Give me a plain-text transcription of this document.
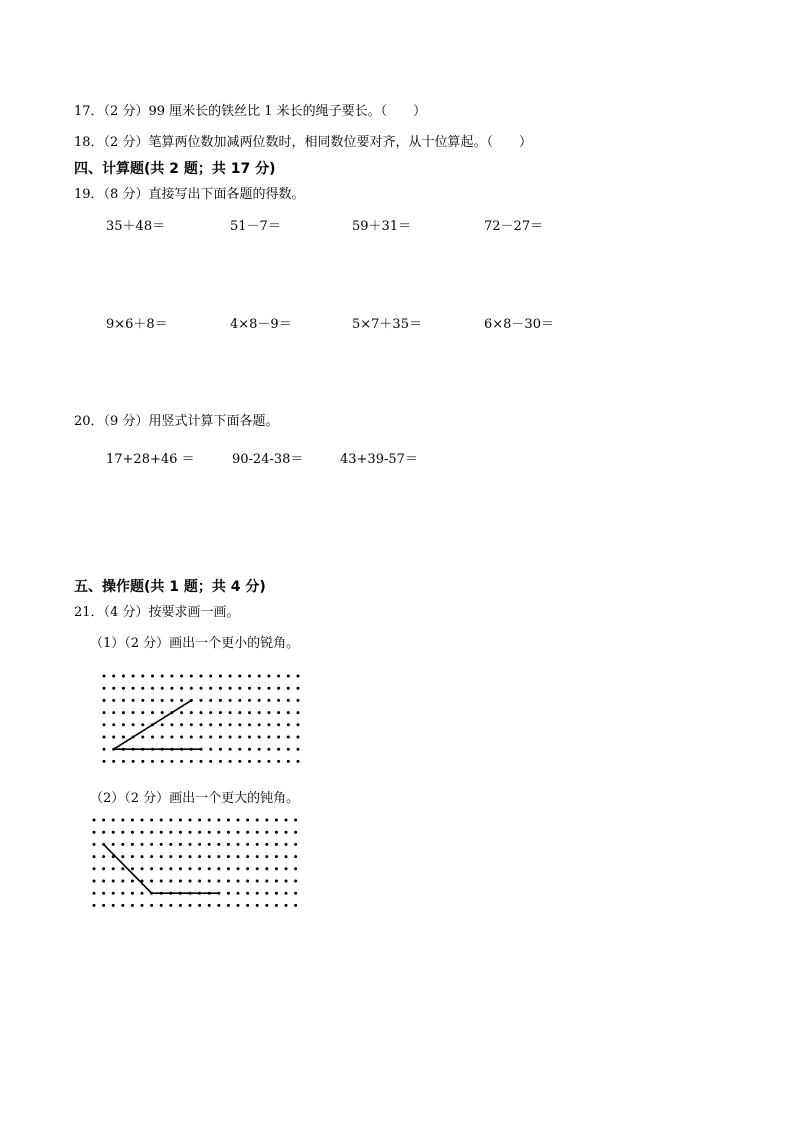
17．（2 分）99 厘米长的铁丝比 1 米长的绳子要长。（　　）
18．（2 分）笔算两位数加减两位数时，相同数位要对齐，从十位算起。（　　）
四、计算题(共 2 题；共 17 分)
19．（8 分）直接写出下面各题的得数。
35＋48＝	51－7＝	59＋31＝	72－27＝
9×6＋8＝	4×8－9＝	5×7＋35＝	6×8－30＝
20．（9 分）用竖式计算下面各题。
17+28+46 ＝	90-24-38＝	43+39-57＝
五、操作题(共 1 题；共 4 分)
21．（4 分）按要求画一画。
（1）（2 分）画出一个更小的锐角。
（2）（2 分）画出一个更大的钝角。
